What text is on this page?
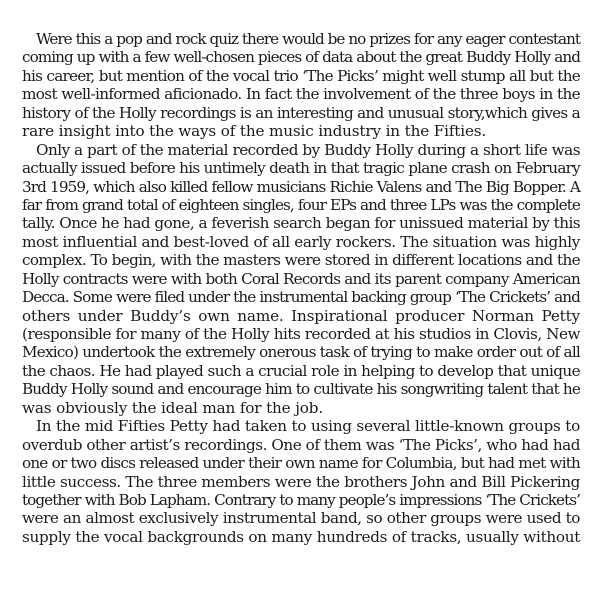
Were this a pop and rock quiz there would be no prizes for any eager contestant
coming up with a few well-chosen pieces of data about the great Buddy Holly and
his career, but mention of the vocal trio ‘The Picks’ might well stump all but the
most well-informed aficionado. In fact the involvement of the three boys in the
history of the Holly recordings is an interesting and unusual story,which gives a
rare insight into the ways of the music industry in the Fifties.
Only a part of the material recorded by Buddy Holly during a short life was
actually issued before his untimely death in that tragic plane crash on February
3rd 1959, which also killed fellow musicians Richie Valens and The Big Bopper. A
far from grand total of eighteen singles, four EPs and three LPs was the complete
tally. Once he had gone, a feverish search began for unissued material by this
most influential and best-loved of all early rockers. The situation was highly
complex. To begin, with the masters were stored in different locations and the
Holly contracts were with both Coral Records and its parent company American
Decca. Some were filed under the instrumental backing group ‘The Crickets’ and
others under Buddy’s own name. Inspirational producer Norman Petty
(responsible for many of the Holly hits recorded at his studios in Clovis, New
Mexico) undertook the extremely onerous task of trying to make order out of all
the chaos. He had played such a crucial role in helping to develop that unique
Buddy Holly sound and encourage him to cultivate his songwriting talent that he
was obviously the ideal man for the job.
In the mid Fifties Petty had taken to using several little-known groups to
overdub other artist’s recordings. One of them was ‘The Picks’, who had had
one or two discs released under their own name for Columbia, but had met with
little success. The three members were the brothers John and Bill Pickering
together with Bob Lapham. Contrary to many people’s impressions ‘The Crickets’
were an almost exclusively instrumental band, so other groups were used to
supply the vocal backgrounds on many hundreds of tracks, usually without
